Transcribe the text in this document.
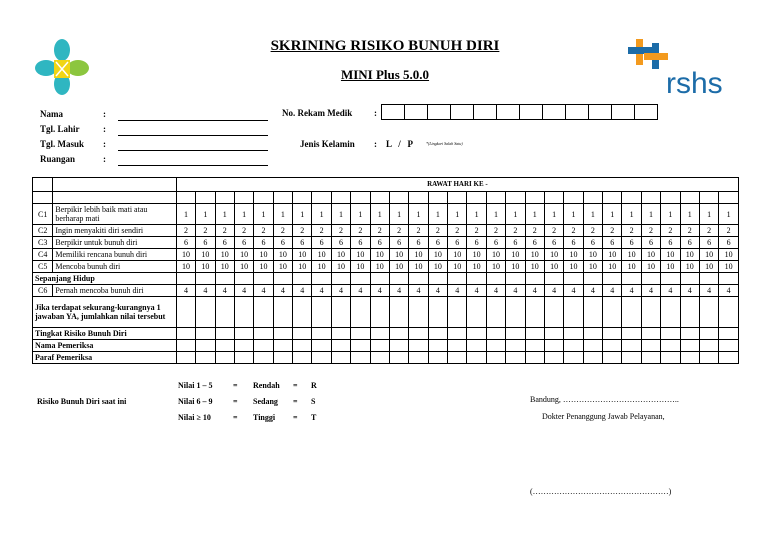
SKRINING RISIKO BUNUH DIRI
MINI Plus 5.0.0	rshs
Nama	:
Tgl. Lahir	:
Tgl. Masuk :
Ruangan	:
No. Rekam Medik :
Jenis Kelamin : L   /   P	*(Lingkari Salah Satu)
		RAWAT HARI KE -																												

C1	Berpikir lebih baik mati atau berharap mati	1	1	1	1	1	1	1	1	1	1	1	1	1	1	1	1	1	1	1	1	1	1	1	1	1	1	1	1	1
C2	Ingin menyakiti diri sendiri	2	2	2	2	2	2	2	2	2	2	2	2	2	2	2	2	2	2	2	2	2	2	2	2	2	2	2	2	2
C3	Berpikir untuk bunuh diri	6	6	6	6	6	6	6	6	6	6	6	6	6	6	6	6	6	6	6	6	6	6	6	6	6	6	6	6	6
C4	Memiliki rencana bunuh diri	10	10	10	10	10	10	10	10	10	10	10	10	10	10	10	10	10	10	10	10	10	10	10	10	10	10	10	10	10
C5	Mencoba bunuh diri	10	10	10	10	10	10	10	10	10	10	10	10	10	10	10	10	10	10	10	10	10	10	10	10	10	10	10	10	10
Sepanjang Hidup																														
C6	Pernah mencoba bunuh diri	4	4	4	4	4	4	4	4	4	4	4	4	4	4	4	4	4	4	4	4	4	4	4	4	4	4	4	4	4
Jika terdapat sekurang-kurangnya 1 jawaban YA, jumlahkan nilai tersebut																														
Tingkat Risiko Bunuh Diri																														
Nama Pemeriksa																														
Paraf Pemeriksa																														
Risiko Bunuh Diri saat ini
Nilai 1 – 5	= Rendah = R
Nilai 6 – 9	= Sedang = S
Nilai ≥ 10	= Tinggi = T
Bandung, ……………………………………..
Dokter Penanggung Jawab Pelayanan,
(……………………………………………)
